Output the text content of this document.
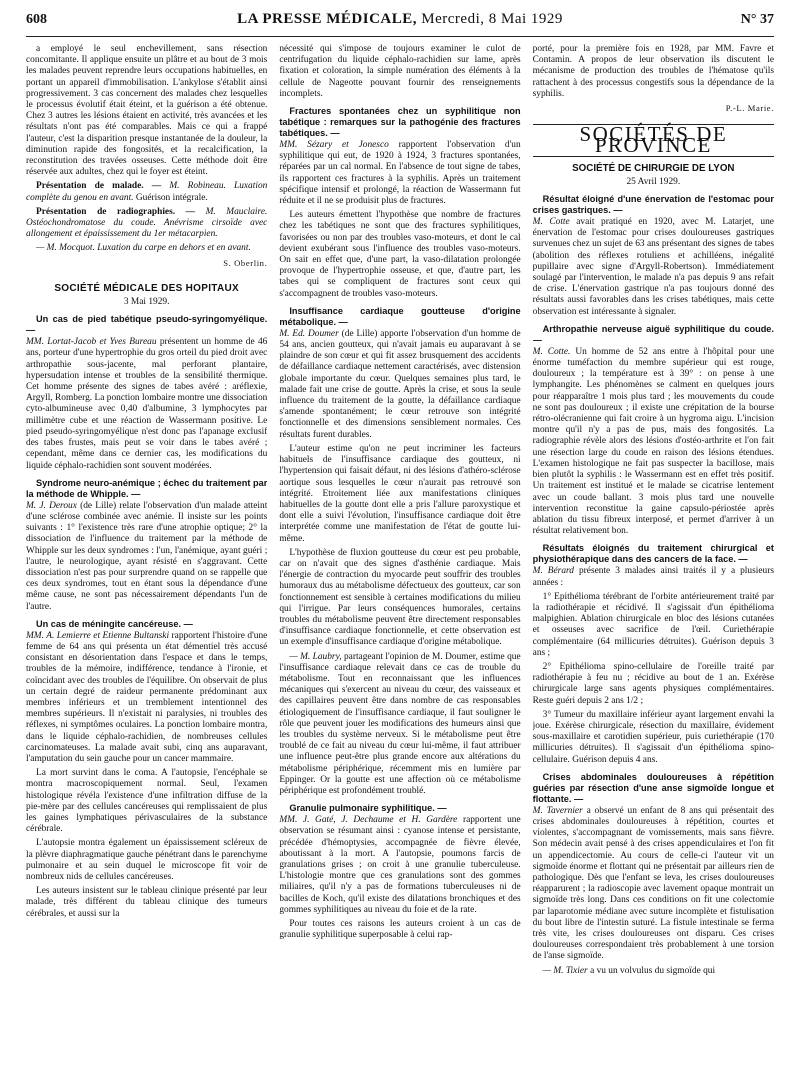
608	LA PRESSE MÉDICALE, Mercredi, 8 Mai 1929	N° 37

a employé le seul enchevillement, sans résection concomitante. Il applique ensuite un plâtre et au bout de 3 mois les malades peuvent reprendre leurs occupations habituelles, en portant un appareil d'immobilisation. L'ankylose s'établit ainsi progressivement. 3 cas concernent des malades chez lesquelles le processus évolutif était éteint, et la guérison a été obtenue. Chez 3 autres les lésions étaient en activité, très avancées et les résultats n'ont pas été comparables. Mais ce qui a frappé l'auteur, c'est la disparition presque instantanée de la douleur, la diminution rapide des fongosités, et la recalcification, la reconstitution des travées osseuses. Cette méthode doit être réservée aux adultes, chez qui le foyer est éteint.

Présentation de malade. — M. Robineau. Luxation complète du genou en avant. Guérison intégrale.

Présentation de radiographies. — M. Mauclaire. Ostéochondromatose du coude. Anévrisme cirsoïde avec allongement et épaississement du 1er métacarpien.

— M. Mocquot. Luxation du carpe en dehors et en avant.

S. Oberlin.
SOCIÉTÉ MÉDICALE DES HOPITAUX
3 Mai 1929.
Un cas de pied tabétique pseudo-syringomyélique. —

MM. Lortat-Jacob et Yves Bureau présentent un homme de 46 ans, porteur d'une hypertrophie du gros orteil du pied droit avec arthropathie sous-jacente, mal perforant plantaire, hypersudation intense et troubles de la sensibilité thermique. Cet homme présente des signes de tabes avéré : aréflexie, Argyll, Romberg. La ponction lombaire montre une dissociation cyto-albumineuse avec 0,40 d'albumine, 3 lymphocytes par millimètre cube et une réaction de Wassermann positive. Le pied pseudo-syringomyélique n'est donc pas l'apanage exclusif des tabes frustes, mais peut se voir dans le tabes avéré ; cependant, même dans ce dernier cas, les modifications du liquide céphalo-rachidien sont souvent modérées.

Syndrome neuro-anémique ; échec du traitement par la méthode de Whipple. —

M. J. Deroux (de Lille) relate l'observation d'un malade atteint d'une sclérose combinée avec anémie. Il insiste sur les points suivants : 1° l'existence très rare d'une atrophie optique; 2° la dissociation de l'influence du traitement par la méthode de Whipple sur les deux syndromes : l'un, l'anémique, ayant guéri ; l'autre, le neurologique, ayant résisté en s'aggravant. Cette dissociation n'est pas pour surprendre quand on se rappelle que ces deux syndromes, tout en étant sous la dépendance d'une même cause, ne sont pas nécessairement dépendants l'un de l'autre.

Un cas de méningite cancéreuse. —

MM. A. Lemierre et Etienne Bultanski rapportent l'histoire d'une femme de 64 ans qui présenta un état démentiel très accusé consistant en désorientation dans l'espace et dans le temps, troubles de la mémoire, indifférence, tendance à l'ironie, et coïncidant avec des troubles de l'équilibre. On observait de plus un certain degré de raideur permanente prédominant aux membres inférieurs et un tremblement intentionnel des membres supérieurs. Il n'existait ni paralysies, ni troubles des réflexes, ni symptômes oculaires. La ponction lombaire montra, dans le liquide céphalo-rachidien, de nombreuses cellules carcinomateuses. La malade avait subi, cinq ans auparavant, l'amputation du sein gauche pour un cancer mammaire.

La mort survint dans le coma. A l'autopsie, l'encéphale se montra macroscopiquement normal. Seul, l'examen histologique révéla l'existence d'une infiltration diffuse de la pie-mère par des cellules cancéreuses qui remplissaient de plus les gaines lymphatiques périvasculaires de la substance cérébrale.

L'autopsie montra également un épaississement scléreux de la plèvre diaphragmatique gauche pénétrant dans le parenchyme pulmonaire et au sein duquel le microscope fit voir de nombreux nids de cellules cancéreuses.

Les auteurs insistent sur le tableau clinique présenté par leur malade, très différent du tableau clinique des tumeurs cérébrales, et aussi sur la

nécessité qui s'impose de toujours examiner le culot de centrifugation du liquide céphalo-rachidien sur lame, après fixation et coloration, la simple numération des éléments à la cellule de Nageotte pouvant fournir des renseignements incomplets.

Fractures spontanées chez un syphilitique non tabétique : remarques sur la pathogénie des fractures tabétiques. —

MM. Sézary et Jonesco rapportent l'observation d'un syphilitique qui eut, de 1920 à 1924, 3 fractures spontanées, réparées par un cal normal. En l'absence de tout signe de tabes, ils rapportent ces fractures à la syphilis. Après un traitement spécifique intensif et prolongé, la réaction de Wassermann fut réduite et il ne se produisit plus de fractures.

Les auteurs émettent l'hypothèse que nombre de fractures chez les tabétiques ne sont que des fractures syphilitiques, favorisées ou non par des troubles vaso-moteurs, et dont le cal devient exubérant sous l'influence des troubles vaso-moteurs. On sait en effet que, d'une part, la vaso-dilatation prolongée provoque de l'hypertrophie osseuse, et que, d'autre part, les tabes qui se compliquent de fractures sont ceux qui s'accompagnent de troubles vaso-moteurs.

Insuffisance cardiaque goutteuse d'origine métabolique. —

M. Ed. Doumer (de Lille) apporte l'observation d'un homme de 54 ans, ancien goutteux, qui n'avait jamais eu auparavant à se plaindre de son cœur et qui fit assez brusquement des accidents de défaillance cardiaque nettement caractérisés, avec distension globale importante du cœur. Quelques semaines plus tard, le malade fait une crise de goutte. Après la crise, et sous la seule influence du traitement de la goutte, la défaillance cardiaque s'amende spontanément; le cœur retrouve son intégrité fonctionnelle et des dimensions sensiblement normales. Ces résultats furent durables.

L'auteur estime qu'on ne peut incriminer les facteurs habituels de l'insuffisance cardiaque des goutteux, ni l'hypertension qui faisait défaut, ni des lésions d'athéro-sclérose aortique sous lesquelles le cœur n'aurait pas retrouvé son intégrité. Etroitement liée aux manifestations cliniques habituelles de la goutte dont elle a pris l'allure paroxystique et dont elle a suivi l'évolution, l'insuffisance cardiaque doit être interprétée comme une manifestation de l'état de goutte lui-même.

L'hypothèse de fluxion goutteuse du cœur est peu probable, car on n'avait que des signes d'asthénie cardiaque. Mais l'énergie de contraction du myocarde peut souffrir des troubles humoraux dus au métabolisme défectueux des goutteux, car son fonctionnement est sensible à certaines modifications du milieu qui l'irrigue. Par leurs conséquences humorales, certains troubles du métabolisme peuvent être directement responsables d'insuffisance cardiaque fonctionnelle, et cette observation est un exemple d'insuffisance cardiaque d'origine métabolique.

— M. Laubry, partageant l'opinion de M. Doumer, estime que l'insuffisance cardiaque relevait dans ce cas de trouble du métabolisme. Tout en reconnaissant que les influences mécaniques qui s'exercent au niveau du cœur, des vaisseaux et des capillaires peuvent être dans nombre de cas responsables étiologiquement de l'insuffisance cardiaque, il faut souligner le rôle que peuvent jouer les modifications des humeurs ainsi que les troubles du système nerveux. Si le métabolisme peut être troublé de ce fait au niveau du cœur lui-même, il faut attribuer une influence peut-être plus grande encore aux altérations du métabolisme périphérique, récemment mis en lumière par Eppinger. Or la goutte est une affection où ce métabolisme périphérique est profondément troublé.

Granulie pulmonaire syphilitique. —

MM. J. Gaté, J. Dechaume et H. Gardère rapportent une observation se résumant ainsi : cyanose intense et persistante, précédée d'hémoptysies, accompagnée de fièvre élevée, aboutissant à la mort. A l'autopsie, poumons farcis de granulations grises ; on croit à une granulie tuberculeuse. L'histologie montre que ces granulations sont des gommes miliaires, qu'il n'y a pas de formations tuberculeuses ni de bacilles de Koch, qu'il existe des dilatations bronchiques et des gommes syphilitiques au niveau du foie et de la rate.

Pour toutes ces raisons les auteurs croient à un cas de granulie syphilitique superposable à celui rap-

porté, pour la première fois en 1928, par MM. Favre et Contamin. A propos de leur observation ils discutent le mécanisme de production des troubles de l'hématose qu'ils rattachent à des processus congestifs sous la dépendance de la syphilis.

P.-L. Marie.
SOCIÉTÉS DE PROVINCE
SOCIÉTÉ DE CHIRURGIE DE LYON
25 Avril 1929.
Résultat éloigné d'une énervation de l'estomac pour crises gastriques. —

M. Cotte avait pratiqué en 1920, avec M. Latarjet, une énervation de l'estomac pour crises douloureuses gastriques survenues chez un sujet de 63 ans présentant des signes de tabes (abolition des réflexes rotuliens et achilléens, inégalité pupillaire avec signe d'Argyll-Robertson). Immédiatement soulagé par l'intervention, le malade n'a pas depuis 9 ans refait de crise. L'énervation gastrique n'a pas toujours donné des résultats aussi favorables dans les crises tabétiques, mais cette observation est intéressante à signaler.

Arthropathie nerveuse aiguë syphilitique du coude. —

M. Cotte. Un homme de 52 ans entre à l'hôpital pour une énorme tuméfaction du membre supérieur qui est rouge, douloureux ; la température est à 39° : on pense à une lymphangite. Les phénomènes se calment en quelques jours pour réapparaître 1 mois plus tard ; les mouvements du coude ne sont pas douloureux ; il existe une crépitation de la bourse rétro-olécranienne qui fait croire à un hygroma aigu. L'incision montre qu'il n'y a pas de pus, mais des fongosités. La radiographie révèle alors des lésions d'ostéo-arthrite et l'on fait une résection large du coude en raison des lésions étendues. L'examen histologique ne fait pas suspecter la bacillose, mais bien plutôt la syphilis : le Wassermann est en effet très positif. Un traitement est institué et le malade se cicatrise lentement avec un coude ballant. 3 mois plus tard une nouvelle intervention reconstitue la gaine capsulo-périostée après ablation du tissu fibreux interposé, et permet d'arriver à un résultat relativement bon.

Résultats éloignés du traitement chirurgical et physiothérapique dans des cancers de la face. —

M. Bérard présente 3 malades ainsi traités il y a plusieurs années :

1° Epithélioma térébrant de l'orbite antérieurement traité par la radiothérapie et récidivé. Il s'agissait d'un épithélioma malpighien. Ablation chirurgicale en bloc des lésions cutanées et osseuses avec sacrifice de l'œil. Curiethérapie complémentaire (64 millicuries détruites). Guérison depuis 3 ans ;

2° Epithélioma spino-cellulaire de l'oreille traité par radiothérapie à feu nu ; récidive au bout de 1 an. Exérèse chirurgicale large sans agents physiques complémentaires. Reste guéri depuis 2 ans 1/2 ;

3° Tumeur du maxillaire inférieur ayant largement envahi la joue. Exérèse chirurgicale, résection du maxillaire, évidement sous-maxillaire et carotidien supérieur, puis curiethérapie (170 millicuries détruites). Il s'agissait d'un épithélioma spino-cellulaire. Guérison depuis 4 ans.

Crises abdominales douloureuses à répétition guéries par résection d'une anse sigmoïde longue et flottante. —

M. Tavernier a observé un enfant de 8 ans qui présentait des crises abdominales douloureuses à répétition, courtes et violentes, s'accompagnant de vomissements, mais sans fièvre. Son médecin avait pensé à des crises appendiculaires et l'on fit un appendicectomie. Au cours de celle-ci l'auteur vit un sigmoïde énorme et flottant qui ne présentait par ailleurs rien de pathologique. Dès que l'enfant se leva, les crises douloureuses réapparurent ; la radioscopie avec lavement opaque montrait un sigmoïde très long. Dans ces conditions on fit une colectomie par laparotomie médiane avec suture incomplète et fistulisation du bout libre de l'intestin suturé. La fistule intestinale se ferma très vite, les crises douloureuses ont disparu. Ces crises douloureuses correspondaient très probablement à une torsion de l'anse sigmoïde.

— M. Tixier a vu un volvulus du sigmoïde qui
